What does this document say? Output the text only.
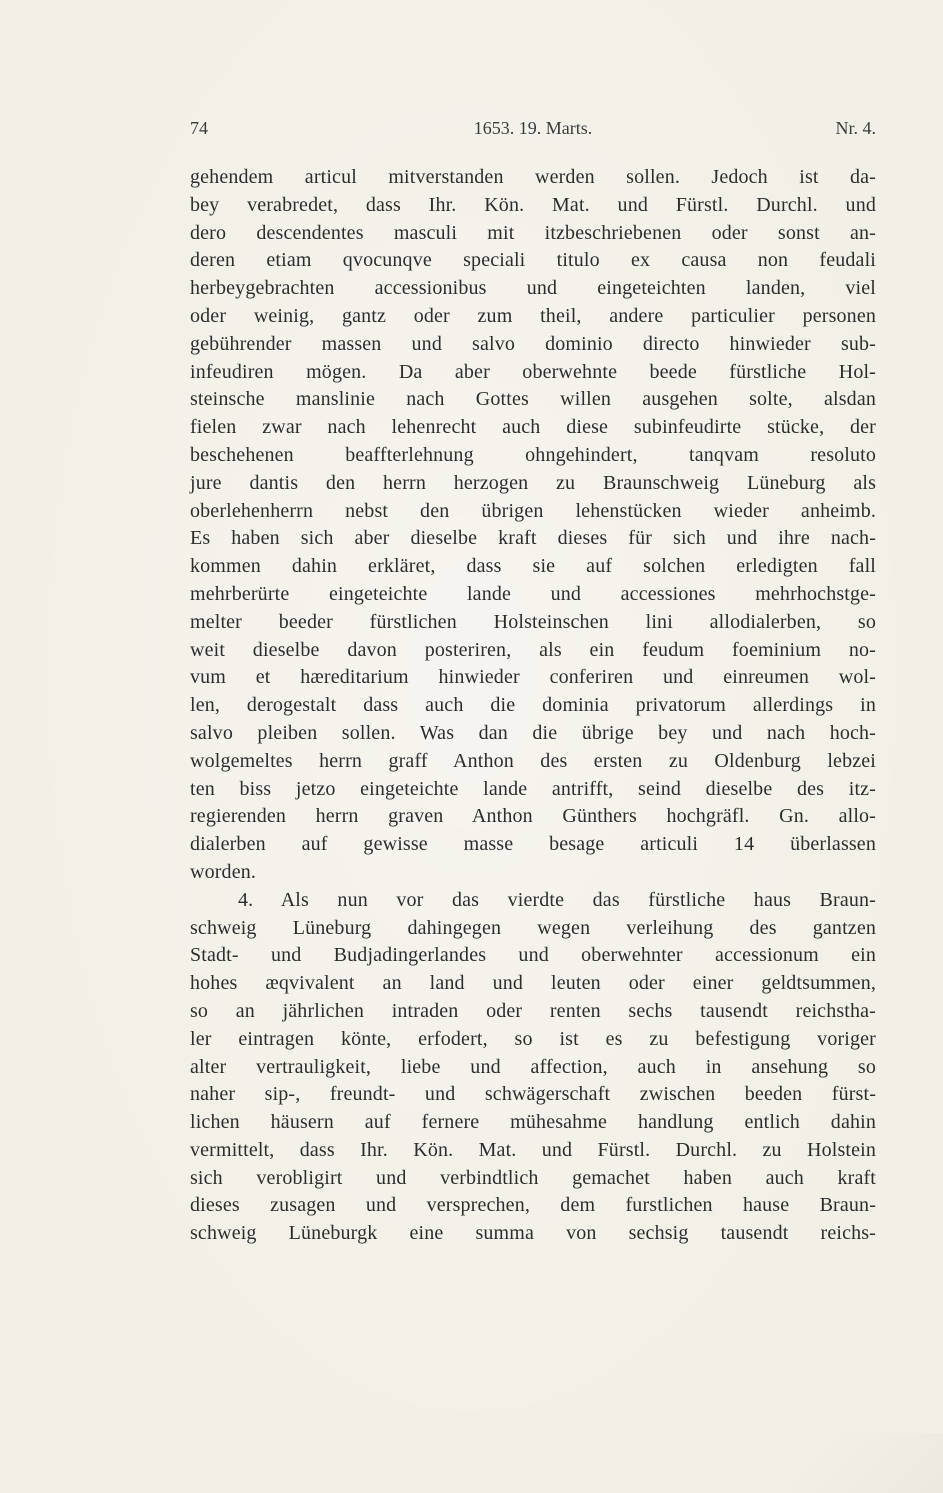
74	1653. 19. Marts.	Nr. 4.
gehendem articul mitverstanden werden sollen. Jedoch ist da-
bey verabredet, dass Ihr. Kön. Mat. und Fürstl. Durchl. und
dero descendentes masculi mit itzbeschriebenen oder sonst an-
deren etiam qvocunqve speciali titulo ex causa non feudali
herbeygebrachten accessionibus und eingeteichten landen, viel
oder weinig, gantz oder zum theil, andere particulier personen
gebührender massen und salvo dominio directo hinwieder sub-
infeudiren mögen. Da aber oberwehnte beede fürstliche Hol-
steinsche manslinie nach Gottes willen ausgehen solte, alsdan
fielen zwar nach lehenrecht auch diese subinfeudirte stücke, der
beschehenen beaffterlehnung ohngehindert, tanqvam resoluto
jure dantis den herrn herzogen zu Braunschweig Lüneburg als
oberlehenherrn nebst den übrigen lehenstücken wieder anheimb.
Es haben sich aber dieselbe kraft dieses für sich und ihre nach-
kommen dahin erkläret, dass sie auf solchen erledigten fall
mehrberürte eingeteichte lande und accessiones mehrhochstge-
melter beeder fürstlichen Holsteinschen lini allodialerben, so
weit dieselbe davon posteriren, als ein feudum foeminium no-
vum et hæreditarium hinwieder conferiren und einreumen wol-
len, derogestalt dass auch die dominia privatorum allerdings in
salvo pleiben sollen. Was dan die übrige bey und nach hoch-
wolgemeltes herrn graff Anthon des ersten zu Oldenburg lebzei
ten biss jetzo eingeteichte lande antrifft, seind dieselbe des itz-
regierenden herrn graven Anthon Günthers hochgräfl. Gn. allo-
dialerben auf gewisse masse besage articuli 14 überlassen
worden.
4. Als nun vor das vierdte das fürstliche haus Braun-
schweig Lüneburg dahingegen wegen verleihung des gantzen
Stadt- und Budjadingerlandes und oberwehnter accessionum ein
hohes æqvivalent an land und leuten oder einer geldtsummen,
so an jährlichen intraden oder renten sechs tausendt reichstha-
ler eintragen könte, erfodert, so ist es zu befestigung voriger
alter vertrauligkeit, liebe und affection, auch in ansehung so
naher sip-, freundt- und schwägerschaft zwischen beeden fürst-
lichen häusern auf fernere mühesahme handlung entlich dahin
vermittelt, dass Ihr. Kön. Mat. und Fürstl. Durchl. zu Holstein
sich verobligirt und verbindtlich gemachet haben auch kraft
dieses zusagen und versprechen, dem furstlichen hause Braun-
schweig Lüneburgk eine summa von sechsig tausendt reichs-
